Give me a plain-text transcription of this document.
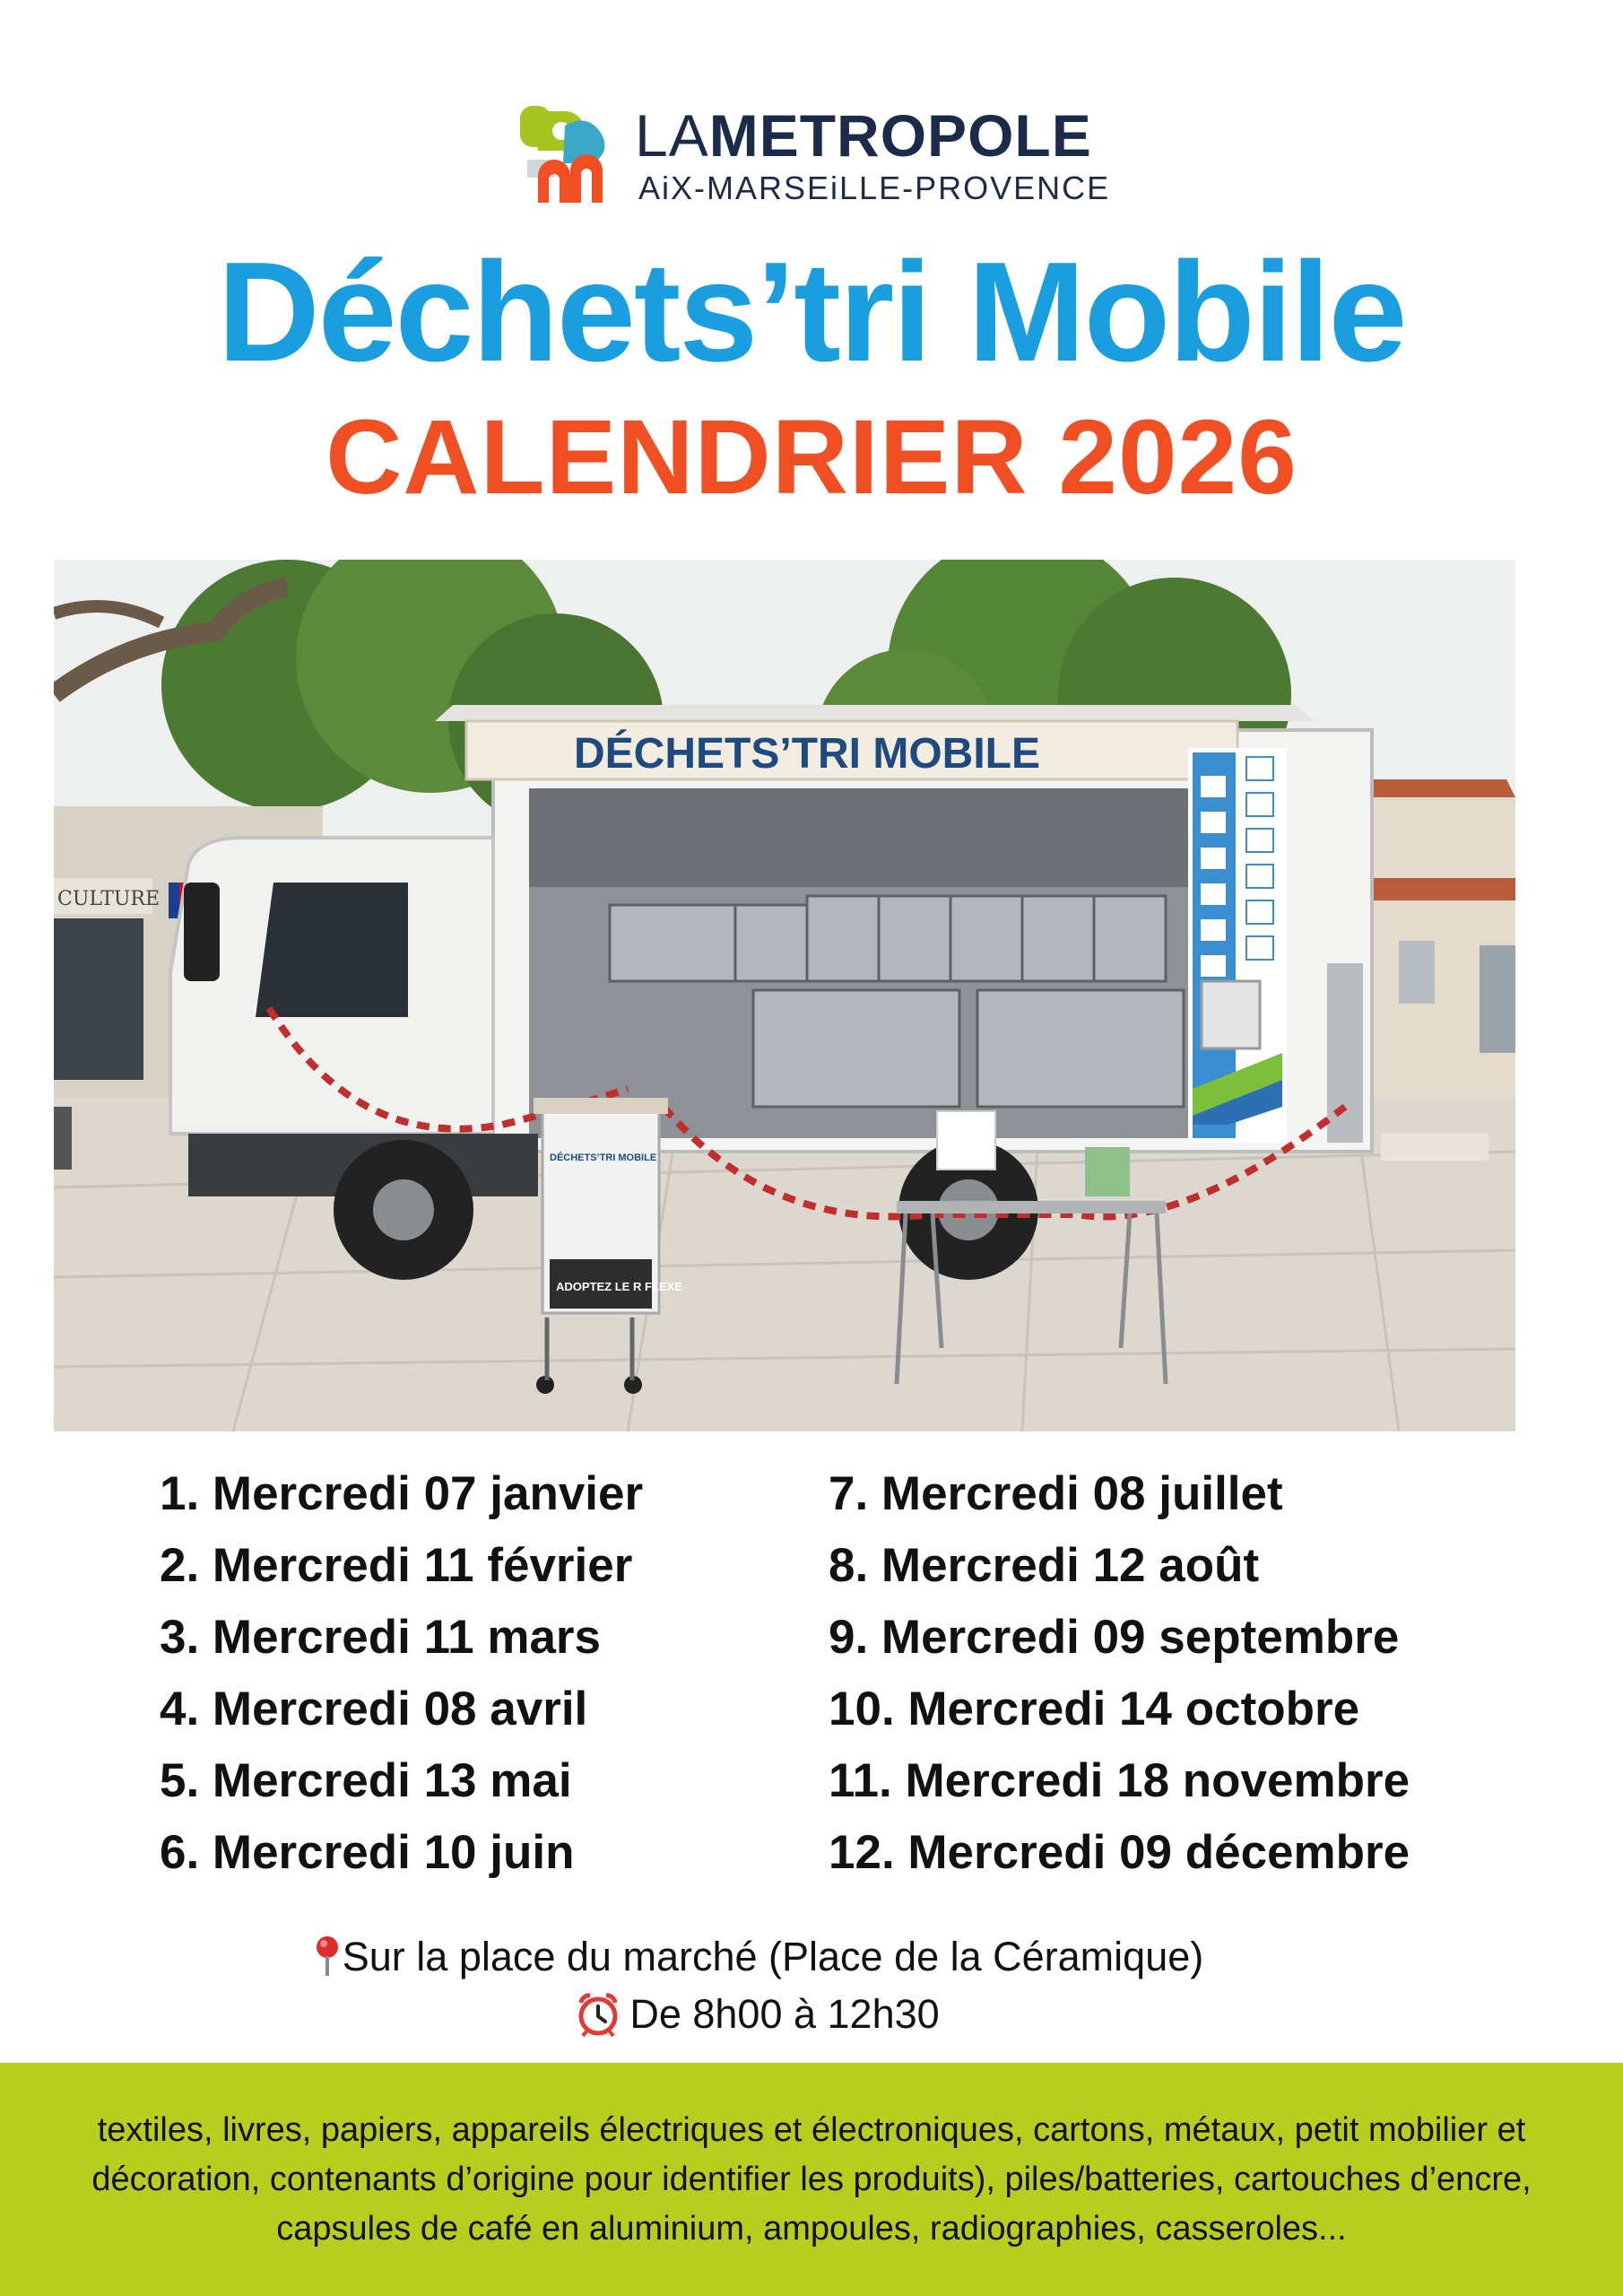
LAMETROPOLE
AiX-MARSEiLLE-PROVENCE
Déchets’tri Mobile
CALENDRIER 2026
CULTURE
DÉCHETS’TRI MOBILE
DÉCHETS’TRI MOBILE
ADOPTEZ LE R FLEXE
1. Mercredi 07 janvier
2. Mercredi 11 février
3. Mercredi 11 mars
4. Mercredi 08 avril
5. Mercredi 13 mai
6. Mercredi 10 juin
7. Mercredi 08 juillet
8. Mercredi 12 août
9. Mercredi 09 septembre
10. Mercredi 14 octobre
11. Mercredi 18 novembre
12. Mercredi 09 décembre
Sur la place du marché (Place de la Céramique)
De 8h00 à 12h30

textiles, livres, papiers, appareils électriques et électroniques, cartons, métaux, petit mobilier et décoration, contenants d’origine pour identifier les produits), piles/batteries, cartouches d’encre, capsules de café en aluminium, ampoules, radiographies, casseroles...
